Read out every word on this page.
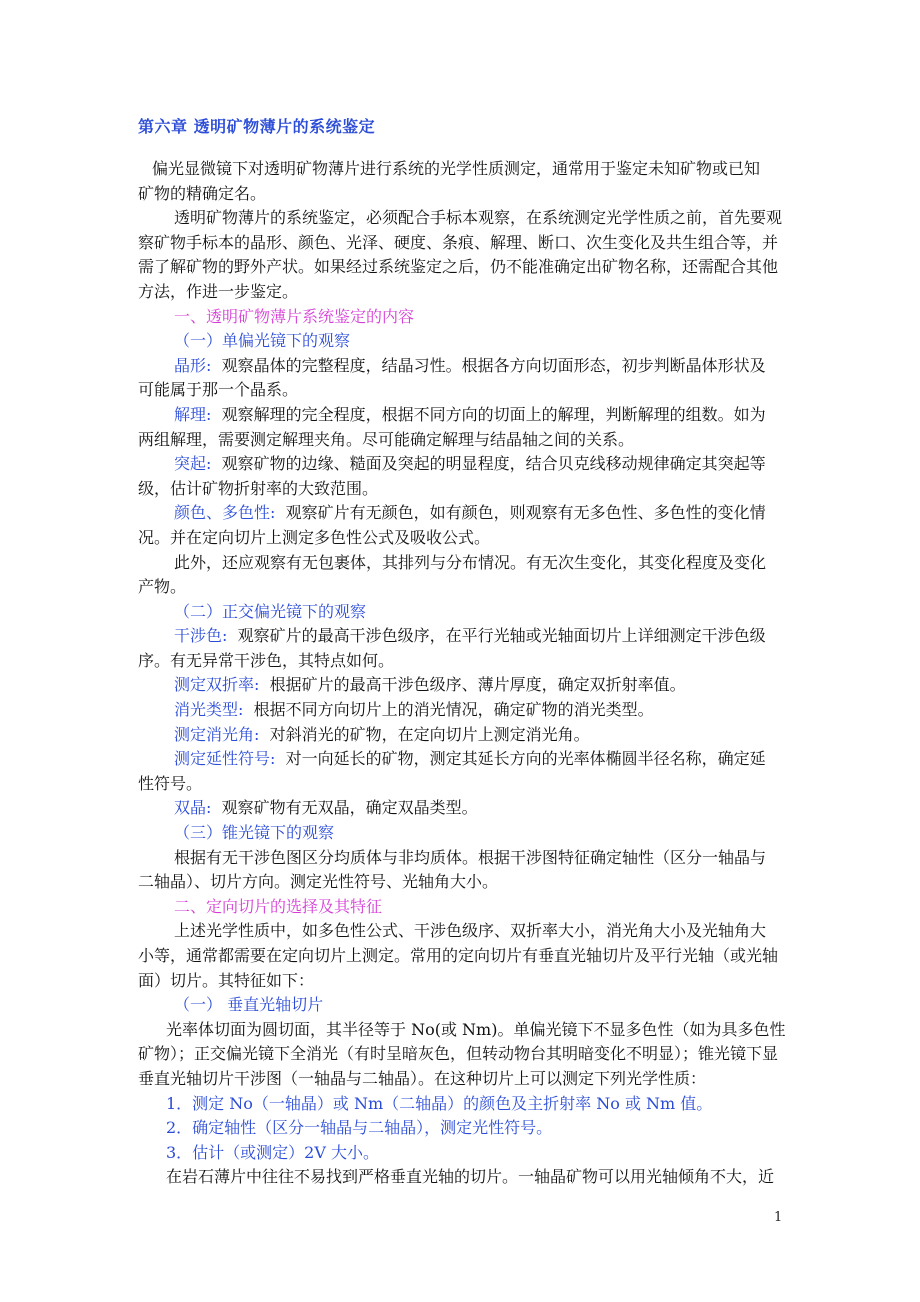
第六章 透明矿物薄片的系统鉴定

偏光显微镜下对透明矿物薄片进行系统的光学性质测定，通常用于鉴定未知矿物或已知
矿物的精确定名。

透明矿物薄片的系统鉴定，必须配合手标本观察，在系统测定光学性质之前，首先要观
察矿物手标本的晶形、颜色、光泽、硬度、条痕、解理、断口、次生变化及共生组合等，并
需了解矿物的野外产状。如果经过系统鉴定之后，仍不能准确定出矿物名称，还需配合其他
方法，作进一步鉴定。

一、透明矿物薄片系统鉴定的内容

（一）单偏光镜下的观察

晶形: 观察晶体的完整程度，结晶习性。根据各方向切面形态，初步判断晶体形状及
可能属于那一个晶系。

解理: 观察解理的完全程度，根据不同方向的切面上的解理，判断解理的组数。如为
两组解理，需要测定解理夹角。尽可能确定解理与结晶轴之间的关系。

突起: 观察矿物的边缘、糙面及突起的明显程度，结合贝克线移动规律确定其突起等
级，估计矿物折射率的大致范围。

颜色、多色性: 观察矿片有无颜色，如有颜色，则观察有无多色性、多色性的变化情
况。并在定向切片上测定多色性公式及吸收公式。

此外，还应观察有无包裹体，其排列与分布情况。有无次生变化，其变化程度及变化
产物。

（二）正交偏光镜下的观察

干涉色: 观察矿片的最高干涉色级序，在平行光轴或光轴面切片上详细测定干涉色级
序。有无异常干涉色，其特点如何。

测定双折率: 根据矿片的最高干涉色级序、薄片厚度，确定双折射率值。

消光类型: 根据不同方向切片上的消光情况，确定矿物的消光类型。

测定消光角: 对斜消光的矿物，在定向切片上测定消光角。

测定延性符号: 对一向延长的矿物，测定其延长方向的光率体椭圆半径名称，确定延
性符号。

双晶: 观察矿物有无双晶，确定双晶类型。

（三）锥光镜下的观察

根据有无干涉色图区分均质体与非均质体。根据干涉图特征确定轴性（区分一轴晶与
二轴晶）、切片方向。测定光性符号、光轴角大小。

二、定向切片的选择及其特征

上述光学性质中，如多色性公式、干涉色级序、双折率大小，消光角大小及光轴角大
小等，通常都需要在定向切片上测定。常用的定向切片有垂直光轴切片及平行光轴（或光轴
面）切片。其特征如下：

（一） 垂直光轴切片

光率体切面为圆切面，其半径等于 No(或 Nm)。单偏光镜下不显多色性（如为具多色性
矿物）；正交偏光镜下全消光（有时呈暗灰色，但转动物台其明暗变化不明显）；锥光镜下显
垂直光轴切片干涉图（一轴晶与二轴晶）。在这种切片上可以测定下列光学性质：

1．测定 No（一轴晶）或 Nm（二轴晶）的颜色及主折射率 No 或 Nm 值。

2．确定轴性（区分一轴晶与二轴晶），测定光性符号。

3．估计（或测定）2V 大小。

在岩石薄片中往往不易找到严格垂直光轴的切片。一轴晶矿物可以用光轴倾角不大，近

1
